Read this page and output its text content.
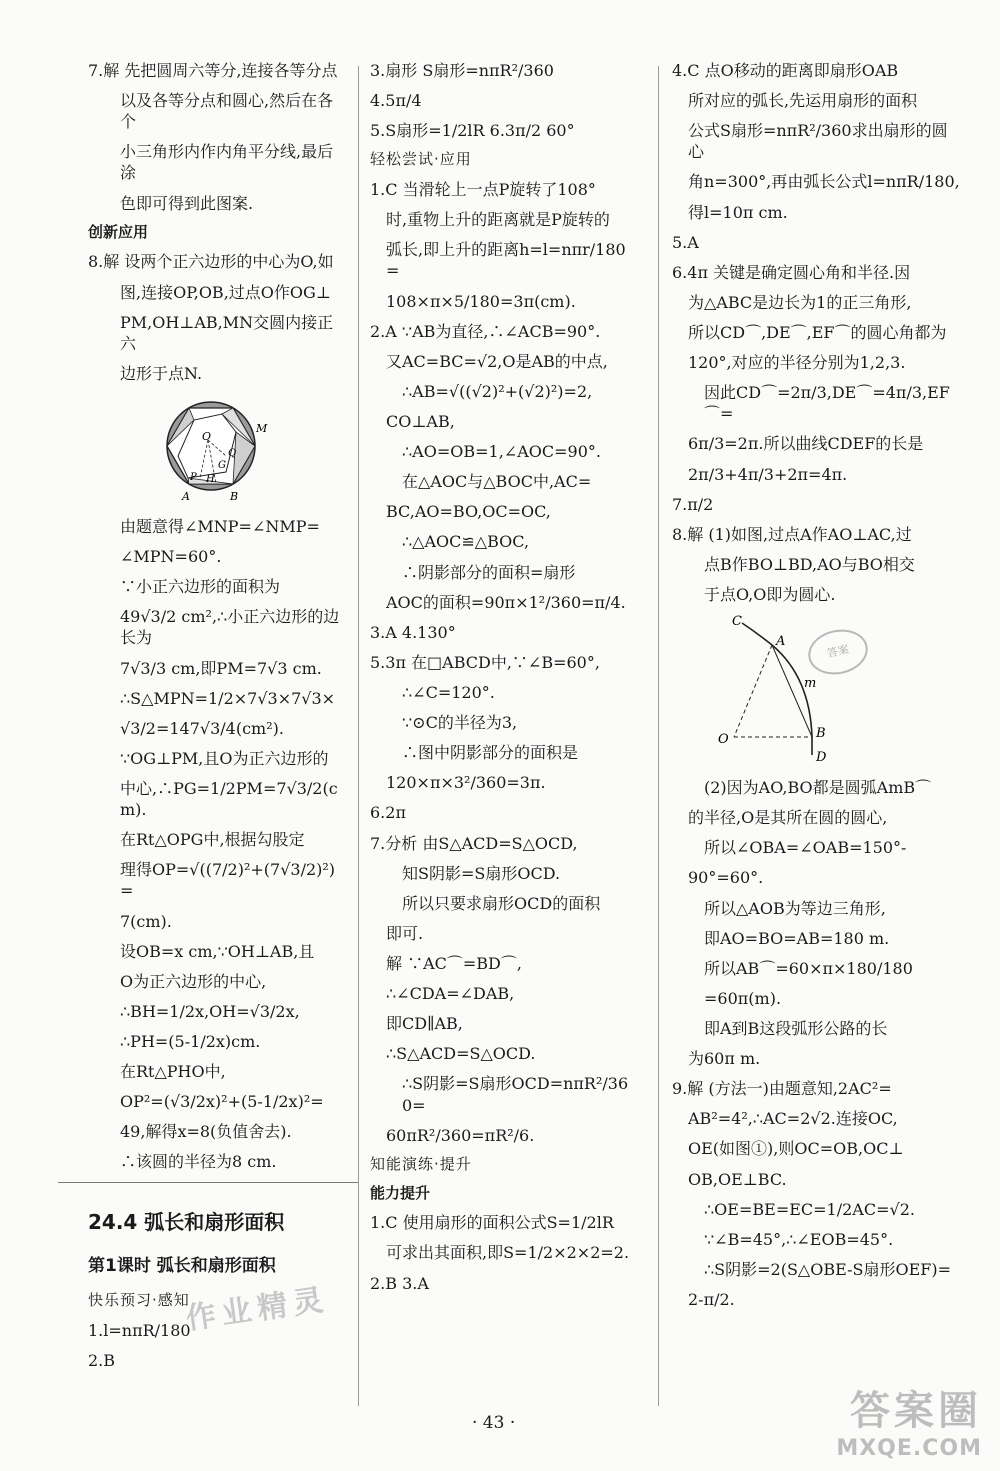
7.解 先把圆周六等分,连接各等分点
以及各等分点和圆心,然后在各个
小三角形内作内角平分线,最后涂
色即可得到此图案.
创新应用
8.解 设两个正六边形的中心为O,如
图,连接OP,OB,过点O作OG⊥
PM,OH⊥AB,MN交圆内接正六
边形于点N.
M
O
Q
G
P H
A	B
由题意得∠MNP=∠NMP=
∠MPN=60°.
∵小正六边形的面积为
49√3/2 cm²,∴小正六边形的边长为
7√3/3 cm,即PM=7√3 cm.
∴S△MPN=1/2×7√3×7√3×
√3/2=147√3/4(cm²).
∵OG⊥PM,且O为正六边形的
中心,∴PG=1/2PM=7√3/2(cm).
在Rt△OPG中,根据勾股定
理得OP=√((7/2)²+(7√3/2)²)=
7(cm).
设OB=x cm,∵OH⊥AB,且
O为正六边形的中心,
∴BH=1/2x,OH=√3/2x,
∴PH=(5-1/2x)cm.
在Rt△PHO中,
OP²=(√3/2x)²+(5-1/2x)²=
49,解得x=8(负值舍去).
∴该圆的半径为8 cm.
24.4 弧长和扇形面积
第1课时 弧长和扇形面积
快乐预习·感知
1.l=nπR/180
2.B
3.扇形 S扇形=nπR²/360
4.5π/4
5.S扇形=1/2lR 6.3π/2 60°
轻松尝试·应用
1.C 当滑轮上一点P旋转了108°
时,重物上升的距离就是P旋转的
弧长,即上升的距离h=l=nπr/180=
108×π×5/180=3π(cm).
2.A ∵AB为直径,∴∠ACB=90°.
又AC=BC=√2,O是AB的中点,
∴AB=√((√2)²+(√2)²)=2,
CO⊥AB,
∴AO=OB=1,∠AOC=90°.
在△AOC与△BOC中,AC=
BC,AO=BO,OC=OC,
∴△AOC≌△BOC,
∴阴影部分的面积=扇形
AOC的面积=90π×1²/360=π/4.
3.A 4.130°
5.3π 在□ABCD中,∵∠B=60°,
∴∠C=120°.
∵⊙C的半径为3,
∴图中阴影部分的面积是
120×π×3²/360=3π.
6.2π
7.分析 由S△ACD=S△OCD,
知S阴影=S扇形OCD.
所以只要求扇形OCD的面积
即可.
解 ∵AC⌒=BD⌒,
∴∠CDA=∠DAB,
即CD∥AB,
∴S△ACD=S△OCD.
∴S阴影=S扇形OCD=nπR²/360=
60πR²/360=πR²/6.
知能演练·提升
能力提升
1.C 使用扇形的面积公式S=1/2lR
可求出其面积,即S=1/2×2×2=2.
2.B 3.A
4.C 点O移动的距离即扇形OAB
所对应的弧长,先运用扇形的面积
公式S扇形=nπR²/360求出扇形的圆心
角n=300°,再由弧长公式l=nπR/180,
得l=10π cm.
5.A
6.4π 关键是确定圆心角和半径.因
为△ABC是边长为1的正三角形,
所以CD⌒,DE⌒,EF⌒的圆心角都为
120°,对应的半径分别为1,2,3.
因此CD⌒=2π/3,DE⌒=4π/3,EF⌒=
6π/3=2π.所以曲线CDEF的长是
2π/3+4π/3+2π=4π.
7.π/2
8.解 (1)如图,过点A作AO⊥AC,过
点B作BO⊥BD,AO与BO相交
于点O,O即为圆心.
C
A
m
O	B
D
(2)因为AO,BO都是圆弧AmB⌒
的半径,O是其所在圆的圆心,
所以∠OBA=∠OAB=150°-
90°=60°.
所以△AOB为等边三角形,
即AO=BO=AB=180 m.
所以AB⌒=60×π×180/180
=60π(m).
即A到B这段弧形公路的长
为60π m.
9.解 (方法一)由题意知,2AC²=
AB²=4²,∴AC=2√2.连接OC,
OE(如图①),则OC=OB,OC⊥
OB,OE⊥BC.
∴OE=BE=EC=1/2AC=√2.
∵∠B=45°,∴∠EOB=45°.
∴S阴影=2(S△OBE-S扇形OEF)=
2-π/2.
答案
作业精灵
· 43 ·	答案圈
MXQE.COM
